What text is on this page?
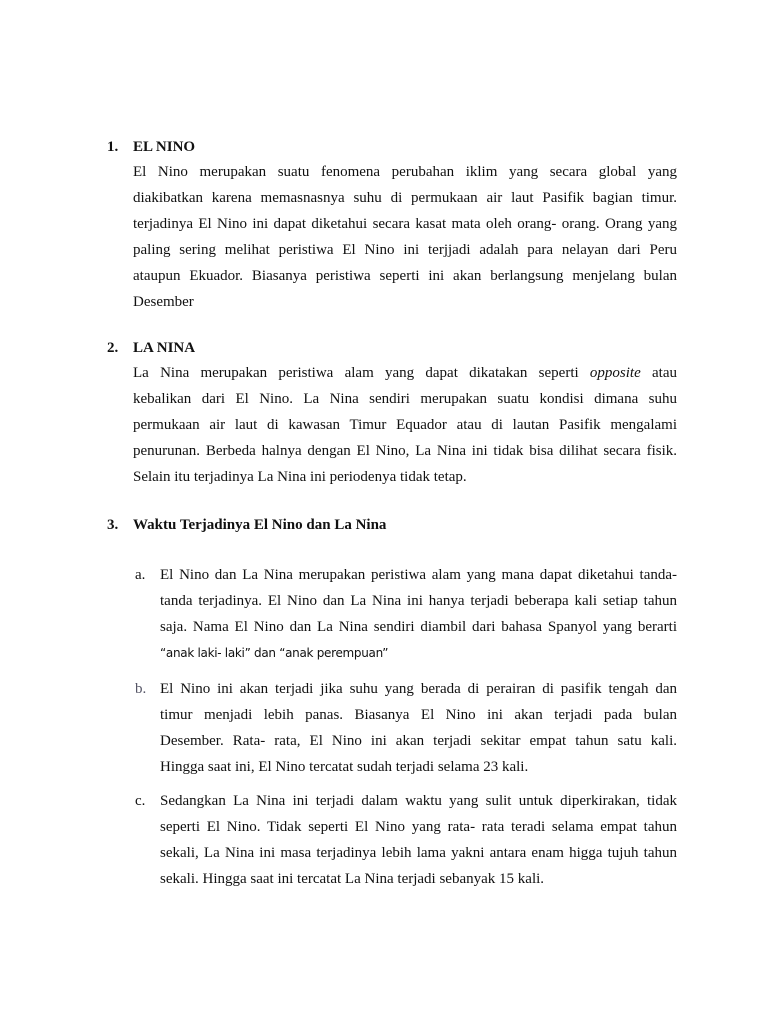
1. EL NINO
El Nino merupakan suatu fenomena perubahan iklim yang secara global yang
diakibatkan karena memasnasnya suhu di permukaan air laut Pasifik bagian timur.
terjadinya El Nino ini dapat diketahui secara kasat mata oleh orang- orang. Orang yang
paling sering melihat peristiwa El Nino ini terjjadi adalah para nelayan dari Peru
ataupun Ekuador. Biasanya peristiwa seperti ini akan berlangsung menjelang bulan
Desember
2. LA NINA
La Nina merupakan peristiwa alam yang dapat dikatakan seperti opposite atau
kebalikan dari El Nino. La Nina sendiri merupakan suatu kondisi dimana suhu
permukaan air laut di kawasan Timur Equador atau di lautan Pasifik mengalami
penurunan. Berbeda halnya dengan El Nino, La Nina ini tidak bisa dilihat secara fisik.
Selain itu terjadinya La Nina ini periodenya tidak tetap.
3. Waktu Terjadinya El Nino dan La Nina
a. El Nino dan La Nina merupakan peristiwa alam yang mana dapat diketahui tanda-
tanda terjadinya. El Nino dan La Nina ini hanya terjadi beberapa kali setiap tahun
saja. Nama El Nino dan La Nina sendiri diambil dari bahasa Spanyol yang berarti
“anak laki- laki” dan “anak perempuan”
b. El Nino ini akan terjadi jika suhu yang berada di perairan di pasifik tengah dan
timur menjadi lebih panas. Biasanya El Nino ini akan terjadi pada bulan
Desember. Rata- rata, El Nino ini akan terjadi sekitar empat tahun satu kali.
Hingga saat ini, El Nino tercatat sudah terjadi selama 23 kali.
c. Sedangkan La Nina ini terjadi dalam waktu yang sulit untuk diperkirakan, tidak
seperti El Nino. Tidak seperti El Nino yang rata- rata teradi selama empat tahun
sekali, La Nina ini masa terjadinya lebih lama yakni antara enam higga tujuh tahun
sekali. Hingga saat ini tercatat La Nina terjadi sebanyak 15 kali.
